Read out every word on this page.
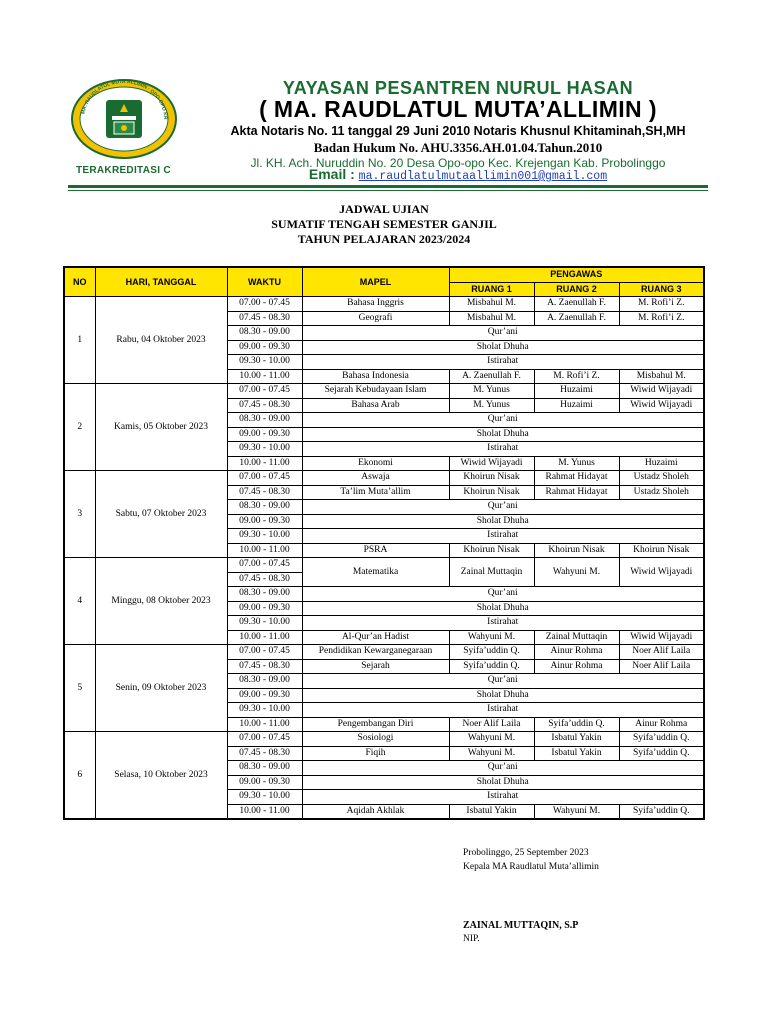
MA. RAUDLATUL MUTA'ALLIMIN · OPO-OPO KR
TERAKREDITASI C
YAYASAN PESANTREN NURUL HASAN
( MA. RAUDLATUL MUTA’ALLIMIN )
Akta Notaris No. 11 tanggal 29 Juni 2010 Notaris Khusnul Khitaminah,SH,MH
Badan Hukum No. AHU.3356.AH.01.04.Tahun.2010
Jl. KH. Ach. Nuruddin No. 20 Desa Opo-opo Kec. Krejengan Kab. Probolinggo
Email : ma.raudlatulmutaallimin001@gmail.com
JADWAL UJIAN
SUMATIF TENGAH SEMESTER GANJIL
TAHUN PELAJARAN 2023/2024
NO	HARI, TANGGAL	WAKTU	MAPEL	PENGAWAS		
				RUANG 1	RUANG 2	RUANG 3
1	Rabu, 04 Oktober 2023	07.00 - 07.45	Bahasa Inggris	Misbahul M.	A. Zaenullah F.	M. Rofi’i Z.
		07.45 - 08.30	Geografi	Misbahul M.	A. Zaenullah F.	M. Rofi’i Z.
		08.30 - 09.00	Qur’ani			
		09.00 - 09.30	Sholat Dhuha			
		09.30 - 10.00	Istirahat			
		10.00 - 11.00	Bahasa Indonesia	A. Zaenullah F.	M. Rofi’i Z.	Misbahul M.
2	Kamis, 05 Oktober 2023	07.00 - 07.45	Sejarah Kebudayaan Islam	M. Yunus	Huzaimi	Wiwid Wijayadi
		07.45 - 08.30	Bahasa Arab	M. Yunus	Huzaimi	Wiwid Wijayadi
		08.30 - 09.00	Qur’ani			
		09.00 - 09.30	Sholat Dhuha			
		09.30 - 10.00	Istirahat			
		10.00 - 11.00	Ekonomi	Wiwid Wijayadi	M. Yunus	Huzaimi
3	Sabtu, 07 Oktober 2023	07.00 - 07.45	Aswaja	Khoirun Nisak	Rahmat Hidayat	Ustadz Sholeh
		07.45 - 08.30	Ta’lim Muta’allim	Khoirun Nisak	Rahmat Hidayat	Ustadz Sholeh
		08.30 - 09.00	Qur’ani			
		09.00 - 09.30	Sholat Dhuha			
		09.30 - 10.00	Istirahat			
		10.00 - 11.00	PSRA	Khoirun Nisak	Khoirun Nisak	Khoirun Nisak
4	Minggu, 08 Oktober 2023	07.00 - 07.45	Matematika	Zainal Muttaqin	Wahyuni M.	Wiwid Wijayadi
		07.45 - 08.30				
		08.30 - 09.00	Qur’ani			
		09.00 - 09.30	Sholat Dhuha			
		09.30 - 10.00	Istirahat			
		10.00 - 11.00	Al-Qur’an Hadist	Wahyuni M.	Zainal Muttaqin	Wiwid Wijayadi
5	Senin, 09 Oktober 2023	07.00 - 07.45	Pendidikan Kewarganegaraan	Syifa’uddin Q.	Ainur Rohma	Noer Alif Laila
		07.45 - 08.30	Sejarah	Syifa’uddin Q.	Ainur Rohma	Noer Alif Laila
		08.30 - 09.00	Qur’ani			
		09.00 - 09.30	Sholat Dhuha			
		09.30 - 10.00	Istirahat			
		10.00 - 11.00	Pengembangan Diri	Noer Alif Laila	Syifa’uddin Q.	Ainur Rohma
6	Selasa, 10 Oktober 2023	07.00 - 07.45	Sosiologi	Wahyuni M.	Isbatul Yakin	Syifa’uddin Q.
		07.45 - 08.30	Fiqih	Wahyuni M.	Isbatul Yakin	Syifa’uddin Q.
		08.30 - 09.00	Qur’ani			
		09.00 - 09.30	Sholat Dhuha			
		09.30 - 10.00	Istirahat			
		10.00 - 11.00	Aqidah Akhlak	Isbatul Yakin	Wahyuni M.	Syifa’uddin Q.
Probolinggo, 25 September 2023
Kepala MA Raudlatul Muta’allimin
ZAINAL MUTTAQIN, S.P
NIP.
